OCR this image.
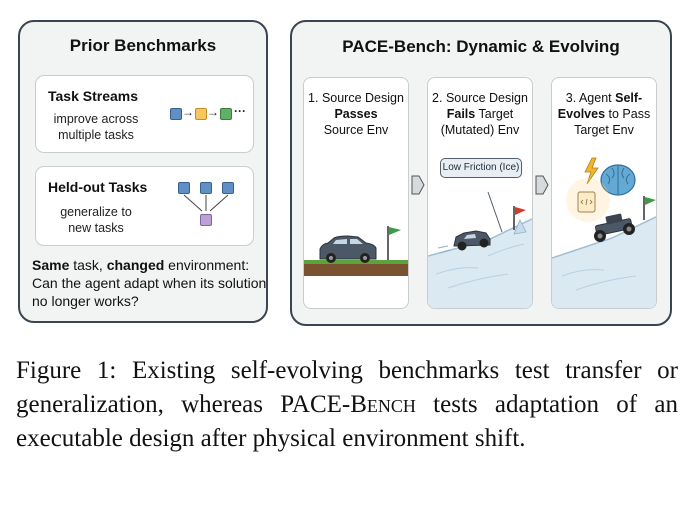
Prior Benchmarks
Task Streams
improve across
multiple tasks
→ → ···
Held-out Tasks
generalize to
new tasks
Same task, changed environment:
Can the agent adapt when its solution no longer works?
PACE-Bench: Dynamic & Evolving
1. Source Design
Passes
Source Env
2. Source Design
Fails Target
(Mutated) Env
Low Friction (Ice)
3. Agent Self-
Evolves to Pass
Target Env
Figure 1: Existing self-evolving benchmarks test transfer or generalization, whereas PACE-Bench tests adaptation of an executable design after physical environment shift.
